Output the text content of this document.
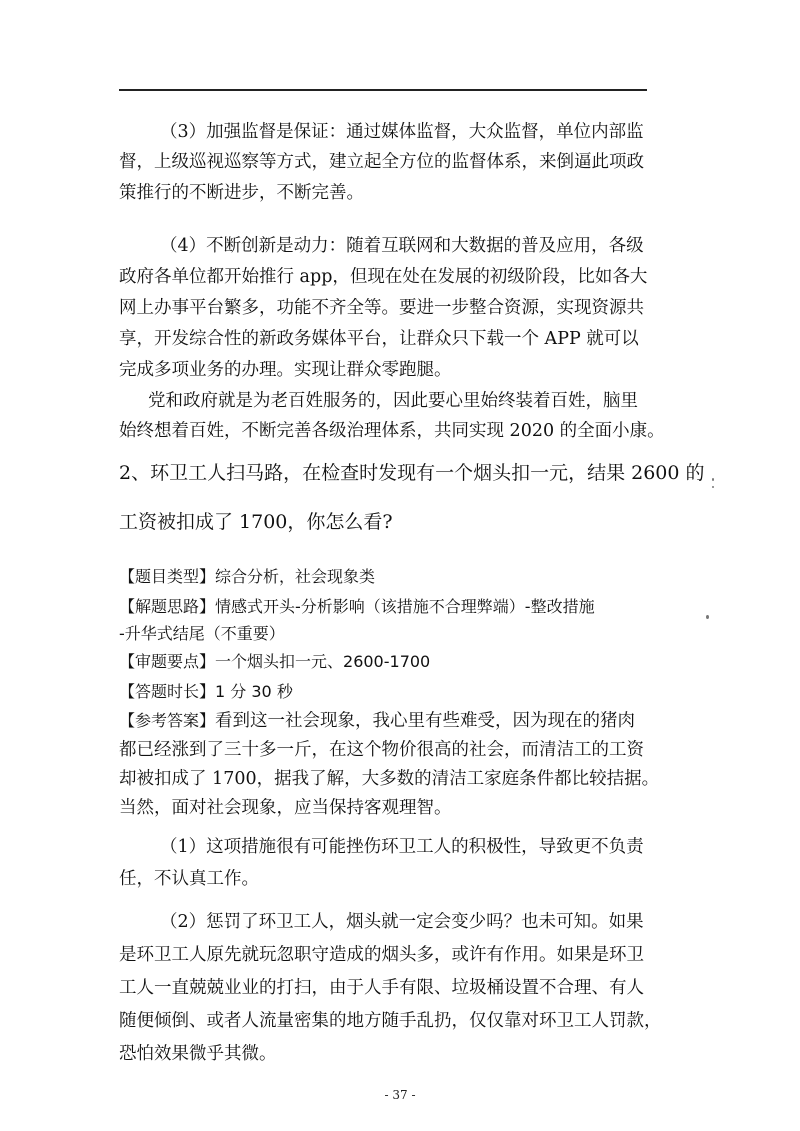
（3）加强监督是保证：通过媒体监督，大众监督，单位内部监
督，上级巡视巡察等方式，建立起全方位的监督体系，来倒逼此项政
策推行的不断进步，不断完善。
（4）不断创新是动力：随着互联网和大数据的普及应用，各级
政府各单位都开始推行 app，但现在处在发展的初级阶段，比如各大
网上办事平台繁多，功能不齐全等。要进一步整合资源，实现资源共
享，开发综合性的新政务媒体平台，让群众只下载一个 APP 就可以
完成多项业务的办理。实现让群众零跑腿。
党和政府就是为老百姓服务的，因此要心里始终装着百姓，脑里
始终想着百姓，不断完善各级治理体系，共同实现 2020 的全面小康。
2、环卫工人扫马路，在检查时发现有一个烟头扣一元，结果 2600 的
工资被扣成了 1700，你怎么看?
【题目类型】综合分析，社会现象类
【解题思路】情感式开头-分析影响（该措施不合理弊端）-整改措施
-升华式结尾（不重要）
【审题要点】一个烟头扣一元、2600-1700
【答题时长】1 分 30 秒
【参考答案】看到这一社会现象，我心里有些难受，因为现在的猪肉
都已经涨到了三十多一斤，在这个物价很高的社会，而清洁工的工资
却被扣成了 1700，据我了解，大多数的清洁工家庭条件都比较拮据。
当然，面对社会现象，应当保持客观理智。
（1）这项措施很有可能挫伤环卫工人的积极性，导致更不负责
任，不认真工作。
（2）惩罚了环卫工人，烟头就一定会变少吗？也未可知。如果
是环卫工人原先就玩忽职守造成的烟头多，或许有作用。如果是环卫
工人一直兢兢业业的打扫，由于人手有限、垃圾桶设置不合理、有人
随便倾倒、或者人流量密集的地方随手乱扔，仅仅靠对环卫工人罚款，
恐怕效果微乎其微。
- 37 -
